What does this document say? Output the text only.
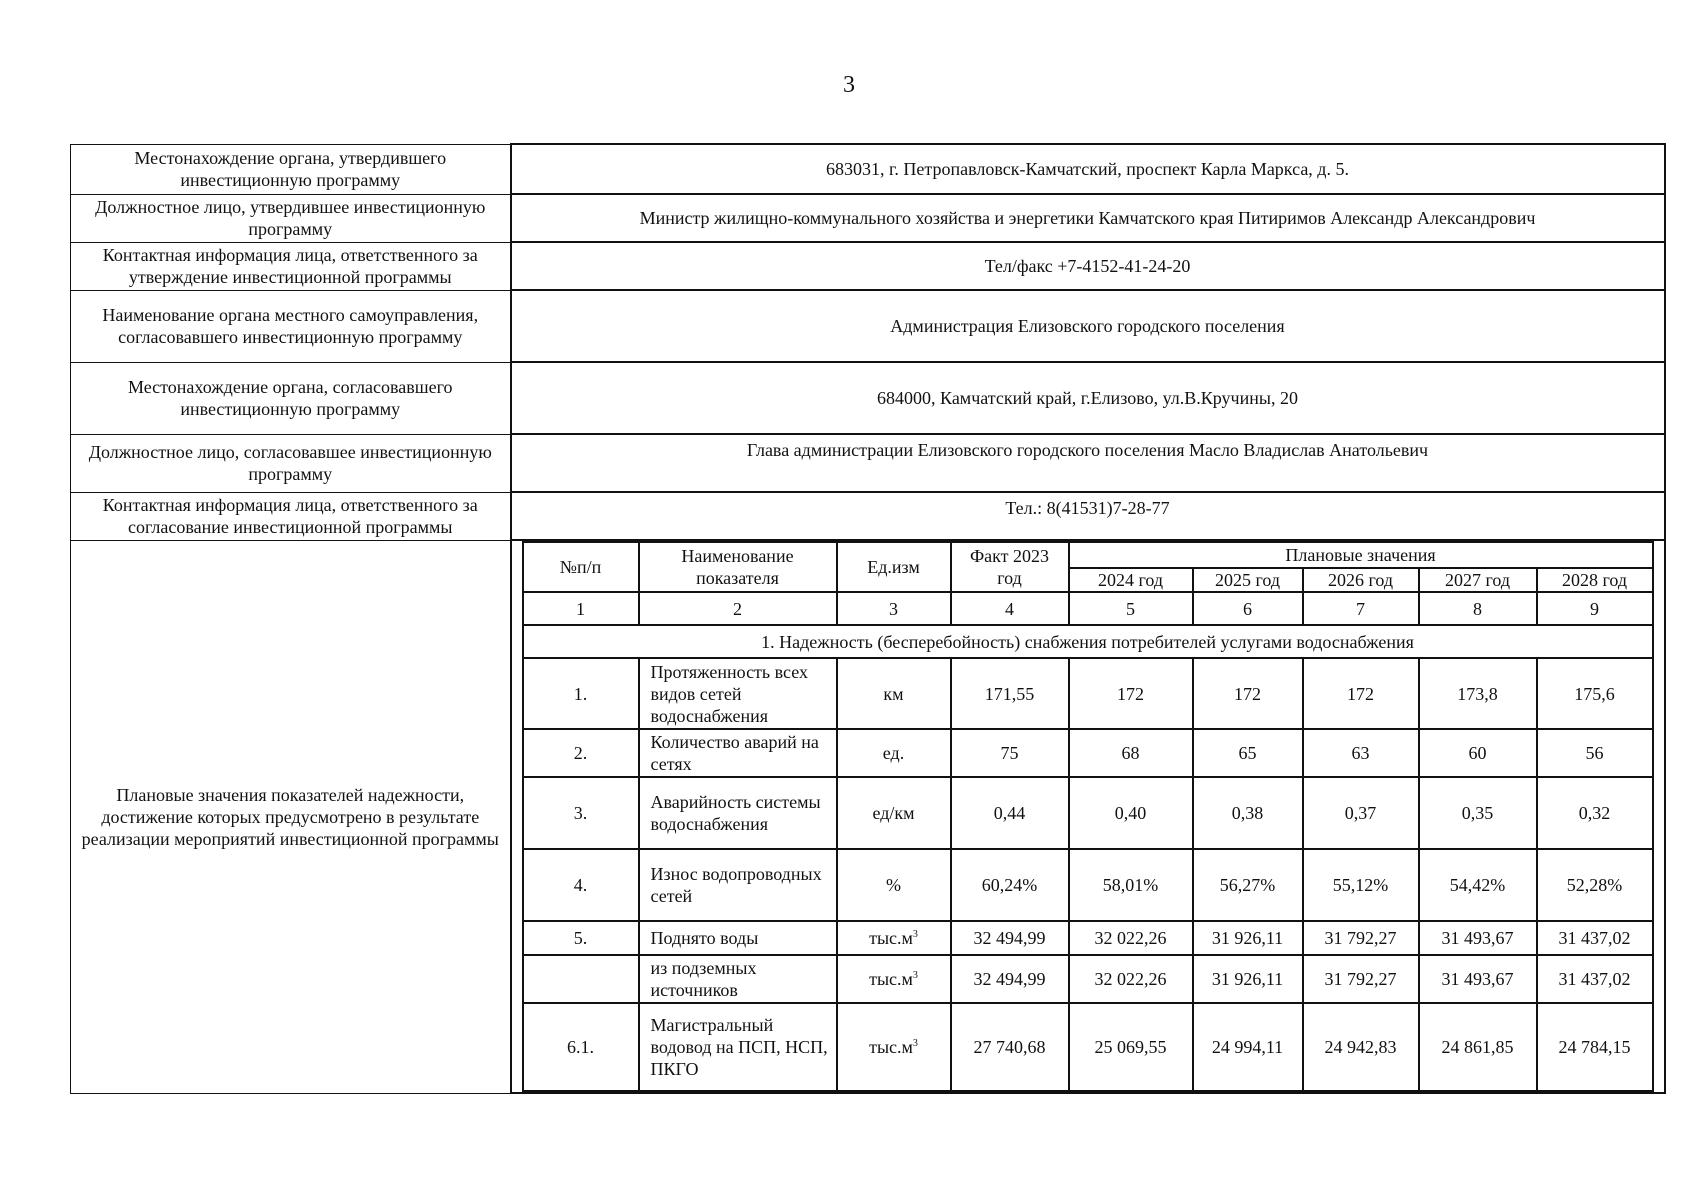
3
Местонахождение органа, утвердившего инвестиционную программу	683031, г. Петропавловск-Камчатский, проспект Карла Маркса, д. 5.
Должностное лицо, утвердившее инвестиционную программу	Министр жилищно-коммунального хозяйства и энергетики Камчатского края Питиримов Александр Александрович
Контактная информация лица, ответственного за утверждение инвестиционной программы	Тел/факс +7-4152-41-24-20
Наименование органа местного самоуправления, согласовавшего инвестиционную программу	Администрация Елизовского городского поселения
Местонахождение органа, согласовавшего инвестиционную программу	684000, Камчатский край, г.Елизово, ул.В.Кручины, 20
Должностное лицо, согласовавшее инвестиционную программу	Глава администрации Елизовского городского поселения Масло Владислав Анатольевич
Контактная информация лица, ответственного за согласование инвестиционной программы	Тел.: 8(41531)7-28-77
Плановые значения показателей надежности, достижение которых предусмотрено в результате реализации мероприятий инвестиционной программы	
№п/п	Наименование показателя	Ед.изм	Факт 2023 год	Плановые значения
2024 год	2025 год	2026 год	2027 год	2028 год
1	2	3	4	5	6	7	8	9
1. Надежность (бесперебойность) снабжения потребителей услугами водоснабжения
1.	Протяженность всех видов сетей водоснабжения	км	171,55	172	172	172	173,8	175,6
2.	Количество аварий на сетях	ед.	75	68	65	63	60	56
3.	Аварийность системы водоснабжения	ед/км	0,44	0,40	0,38	0,37	0,35	0,32
4.	Износ водопроводных сетей	%	60,24%	58,01%	56,27%	55,12%	54,42%	52,28%
5.	Поднято воды	$тыс.м^3$	32 494,99	32 022,26	31 926,11	31 792,27	31 493,67	31 437,02
	из подземных источников	$тыс.м^3$	32 494,99	32 022,26	31 926,11	31 792,27	31 493,67	31 437,02
6.1.	Магистральный водовод на ПСП, НСП, ПКГО	$тыс.м^3$	27 740,68	25 069,55	24 994,11	24 942,83	24 861,85	24 784,15
